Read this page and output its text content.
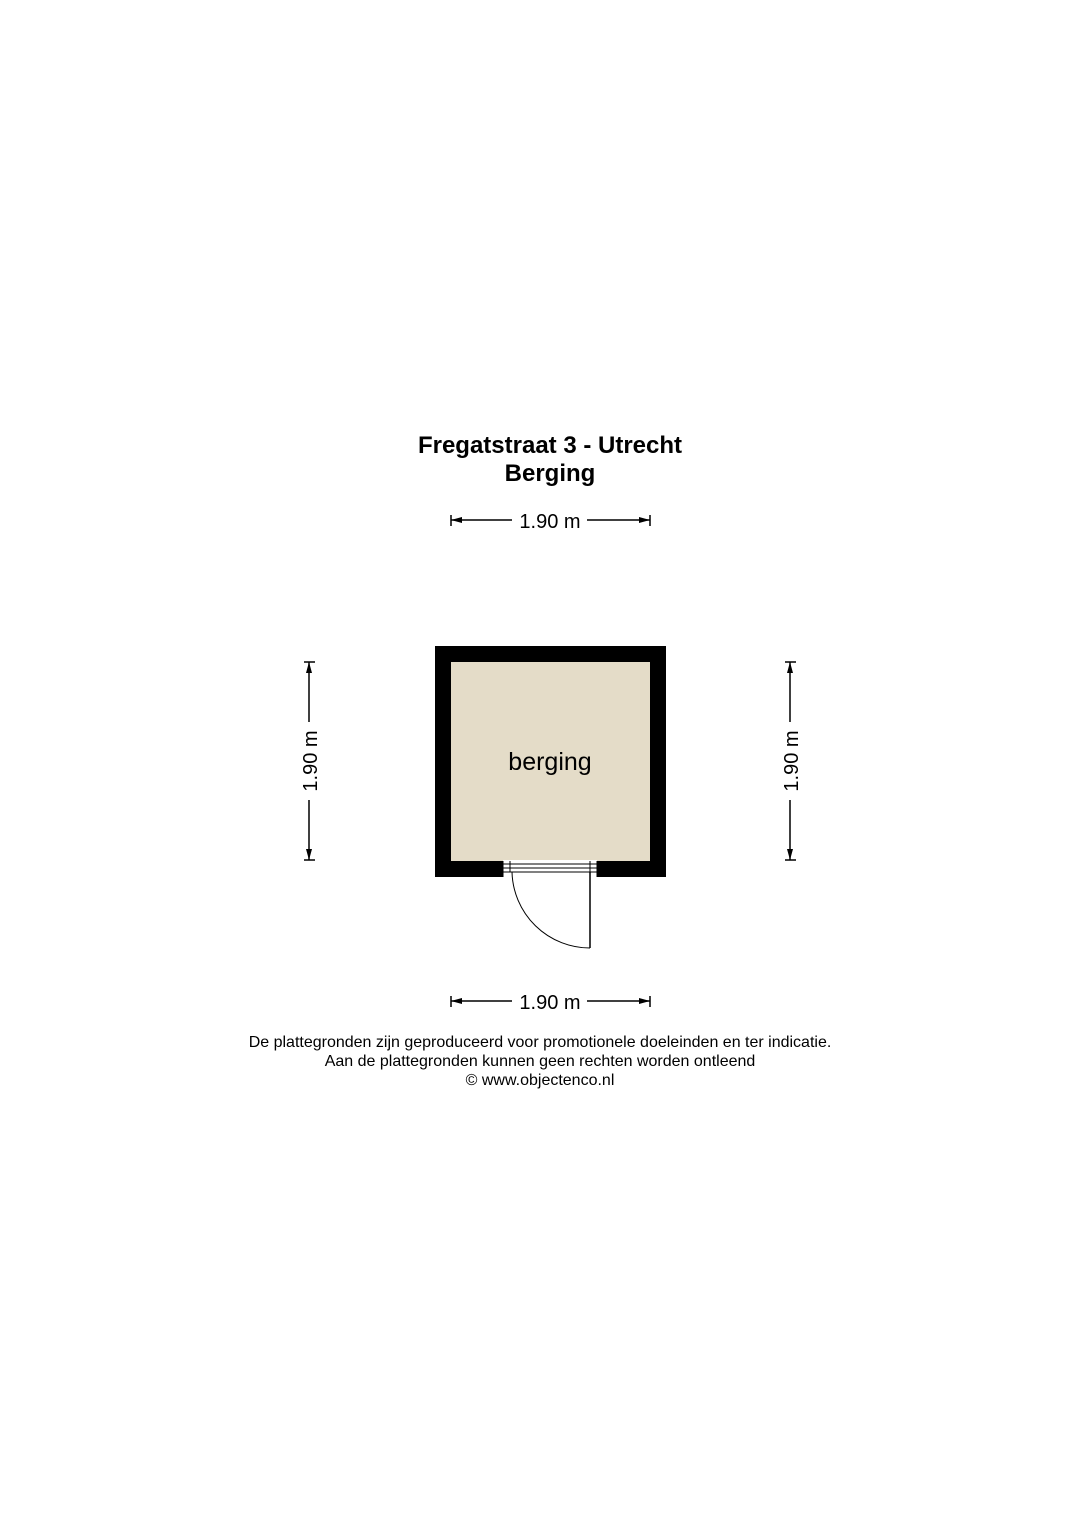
Fregatstraat 3 - Utrecht
Berging
1.90 m
1.90 m
1.90 m	1.90 m
berging
De plattegronden zijn geproduceerd voor promotionele doeleinden en ter indicatie.
Aan de plattegronden kunnen geen rechten worden ontleend
© www.objectenco.nl
